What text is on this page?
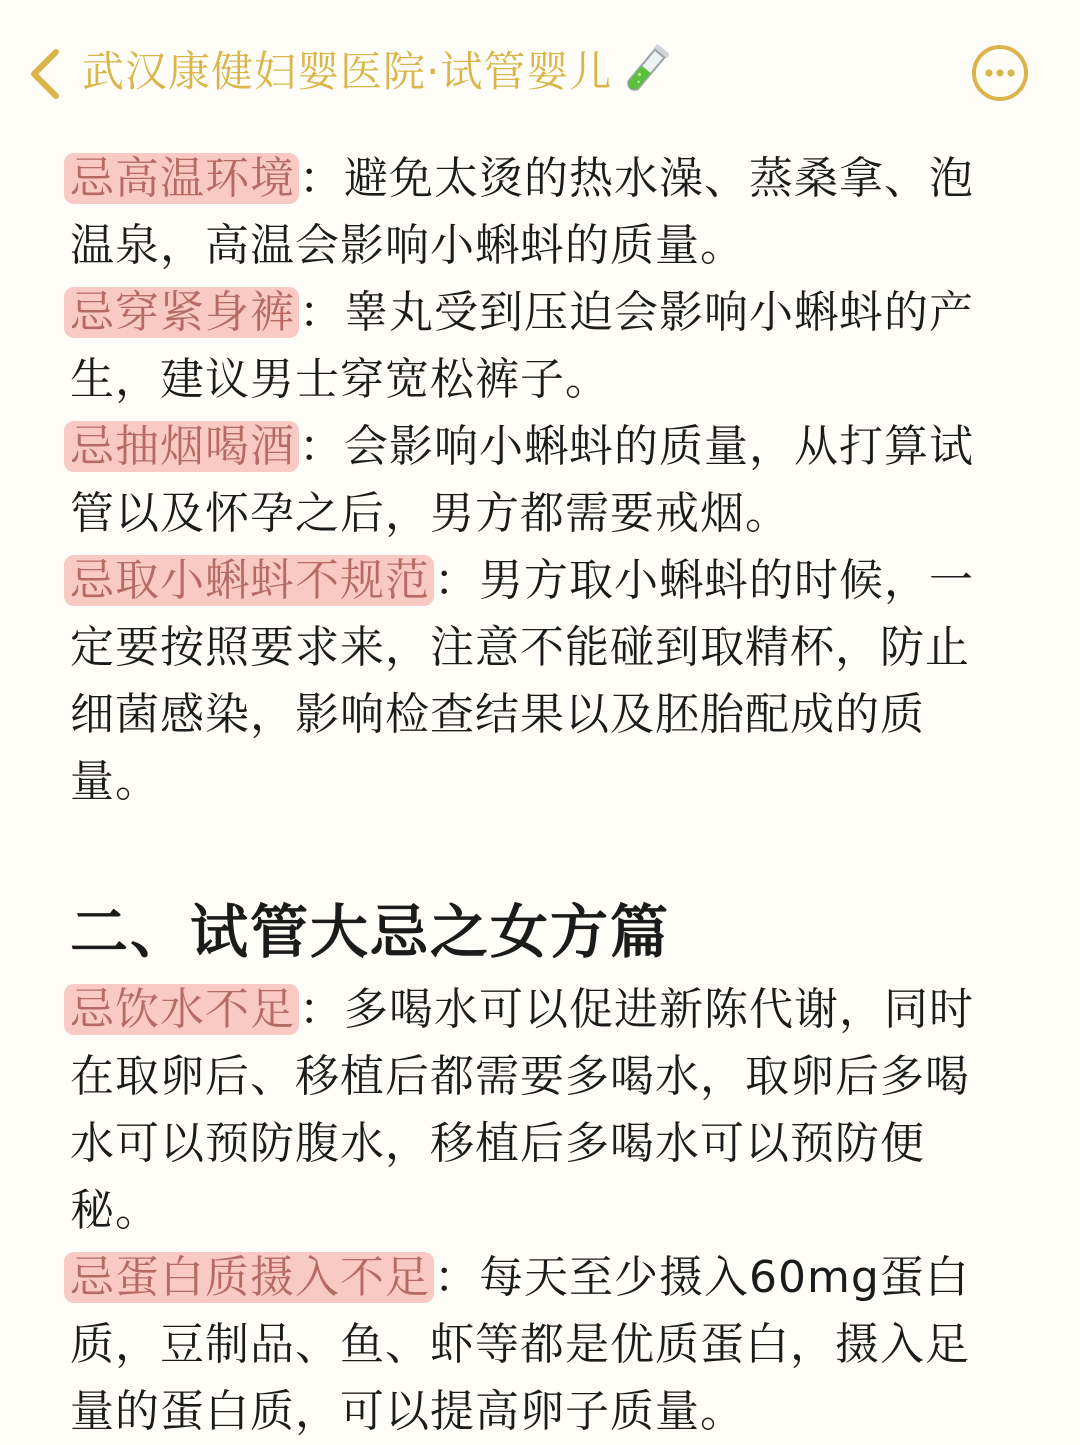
武汉康健妇婴医院·试管婴儿

忌高温环境：避免太烫的热水澡、蒸桑拿、泡温泉，高温会影响小蝌蚪的质量。

忌穿紧身裤：睾丸受到压迫会影响小蝌蚪的产生，建议男士穿宽松裤子。

忌抽烟喝酒：会影响小蝌蚪的质量，从打算试管以及怀孕之后，男方都需要戒烟。

忌取小蝌蚪不规范：男方取小蝌蚪的时候，一定要按照要求来，注意不能碰到取精杯，防止细菌感染，影响检查结果以及胚胎配成的质量。

二、试管大忌之女方篇

忌饮水不足：多喝水可以促进新陈代谢，同时在取卵后、移植后都需要多喝水，取卵后多喝水可以预防腹水，移植后多喝水可以预防便秘。

忌蛋白质摄入不足：每天至少摄入60mg蛋白质，豆制品、鱼、虾等都是优质蛋白，摄入足量的蛋白质，可以提高卵子质量。
